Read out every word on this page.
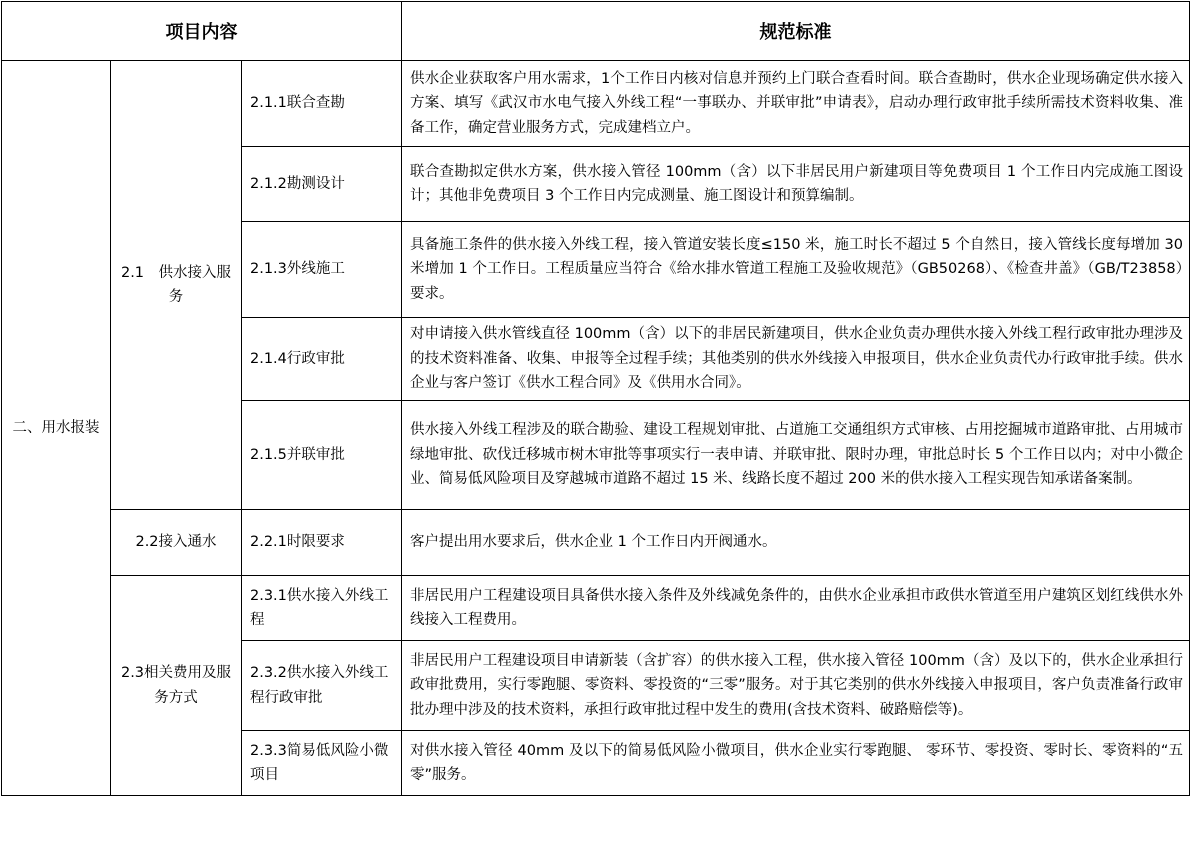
项目内容			规范标准
二、用水报装	2.1　供水接入服务	2.1.1联合查勘	供水企业获取客户用水需求，1个工作日内核对信息并预约上门联合查看时间。联合查勘时，供水企业现场确定供水接入方案、填写《武汉市水电气接入外线工程“一事联办、并联审批”申请表》，启动办理行政审批手续所需技术资料收集、准备工作，确定营业服务方式，完成建档立户。
		2.1.2勘测设计	联合查勘拟定供水方案，供水接入管径 100mm（含）以下非居民用户新建项目等免费项目 1 个工作日内完成施工图设计；其他非免费项目 3 个工作日内完成测量、施工图设计和预算编制。
		2.1.3外线施工	具备施工条件的供水接入外线工程，接入管道安装长度≤150 米，施工时长不超过 5 个自然日，接入管线长度每增加 30 米增加 1 个工作日。工程质量应当符合《给水排水管道工程施工及验收规范》（GB50268）、《检查井盖》（GB/T23858）要求。
		2.1.4行政审批	对申请接入供水管线直径 100mm（含）以下的非居民新建项目，供水企业负责办理供水接入外线工程行政审批办理涉及的技术资料准备、收集、申报等全过程手续；其他类别的供水外线接入申报项目，供水企业负责代办行政审批手续。供水企业与客户签订《供水工程合同》及《供用水合同》。
		2.1.5并联审批	供水接入外线工程涉及的联合勘验、建设工程规划审批、占道施工交通组织方式审核、占用挖掘城市道路审批、占用城市绿地审批、砍伐迁移城市树木审批等事项实行一表申请、并联审批、限时办理，审批总时长 5 个工作日以内；对中小微企业、简易低风险项目及穿越城市道路不超过 15 米、线路长度不超过 200 米的供水接入工程实现告知承诺备案制。
	2.2接入通水	2.2.1时限要求	客户提出用水要求后，供水企业 1 个工作日内开阀通水。
	2.3相关费用及服务方式	2.3.1供水接入外线工程	非居民用户工程建设项目具备供水接入条件及外线减免条件的，由供水企业承担市政供水管道至用户建筑区划红线供水外线接入工程费用。
		2.3.2供水接入外线工程行政审批	非居民用户工程建设项目申请新装（含扩容）的供水接入工程，供水接入管径 100mm（含）及以下的，供水企业承担行政审批费用，实行零跑腿、零资料、零投资的“三零”服务。对于其它类别的供水外线接入申报项目，客户负责准备行政审批办理中涉及的技术资料，承担行政审批过程中发生的费用(含技术资料、破路赔偿等)。
		2.3.3简易低风险小微项目	对供水接入管径 40mm 及以下的简易低风险小微项目，供水企业实行零跑腿、 零环节、零投资、零时长、零资料的“五零”服务。
